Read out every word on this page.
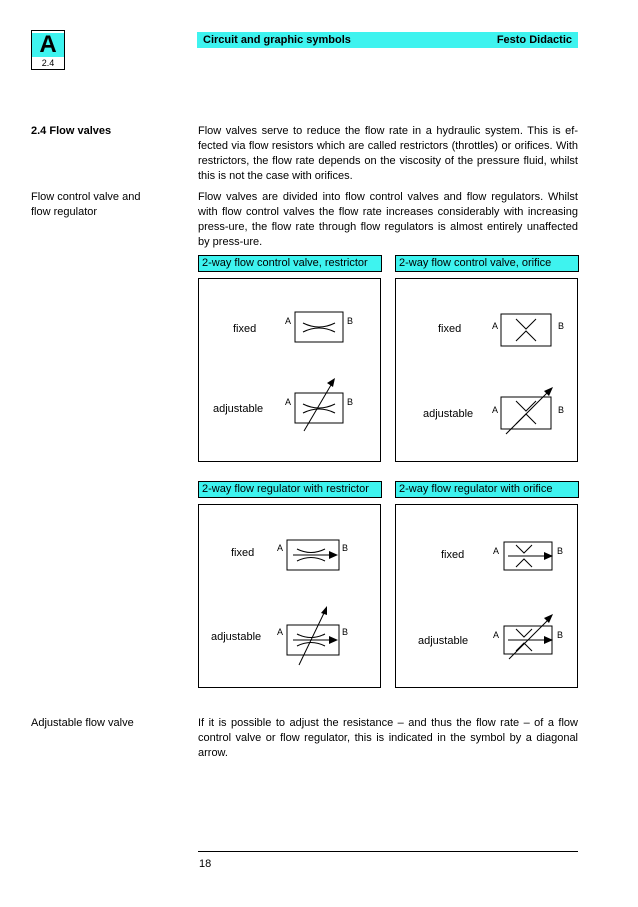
A
2.4
Circuit and graphic symbols	Festo Didactic
2.4 Flow valves	Flow valves serve to reduce the flow rate in a hydraulic system. This is ef-fected via flow resistors which are called restrictors (throttles) or orifices. With restrictors, the flow rate depends on the viscosity of the pressure fluid, whilst this is not the case with orifices.
Flow control valve and flow regulator
Flow valves are divided into flow control valves and flow regulators. Whilst with flow control valves the flow rate increases considerably with increasing press-ure, the flow rate through flow regulators is almost entirely unaffected by press-ure.
2-way flow control valve, restrictor
fixed
adjustable
A	B
A	B
2-way flow control valve, orifice
fixed
adjustable
A	B
A	B
2-way flow regulator with restrictor
fixed
adjustable
A	B
A	B
2-way flow regulator with orifice
fixed
adjustable
A	B
A	B
Adjustable flow valve	If it is possible to adjust the resistance – and thus the flow rate – of a flow control valve or flow regulator, this is indicated in the symbol by a diagonal arrow.
18
